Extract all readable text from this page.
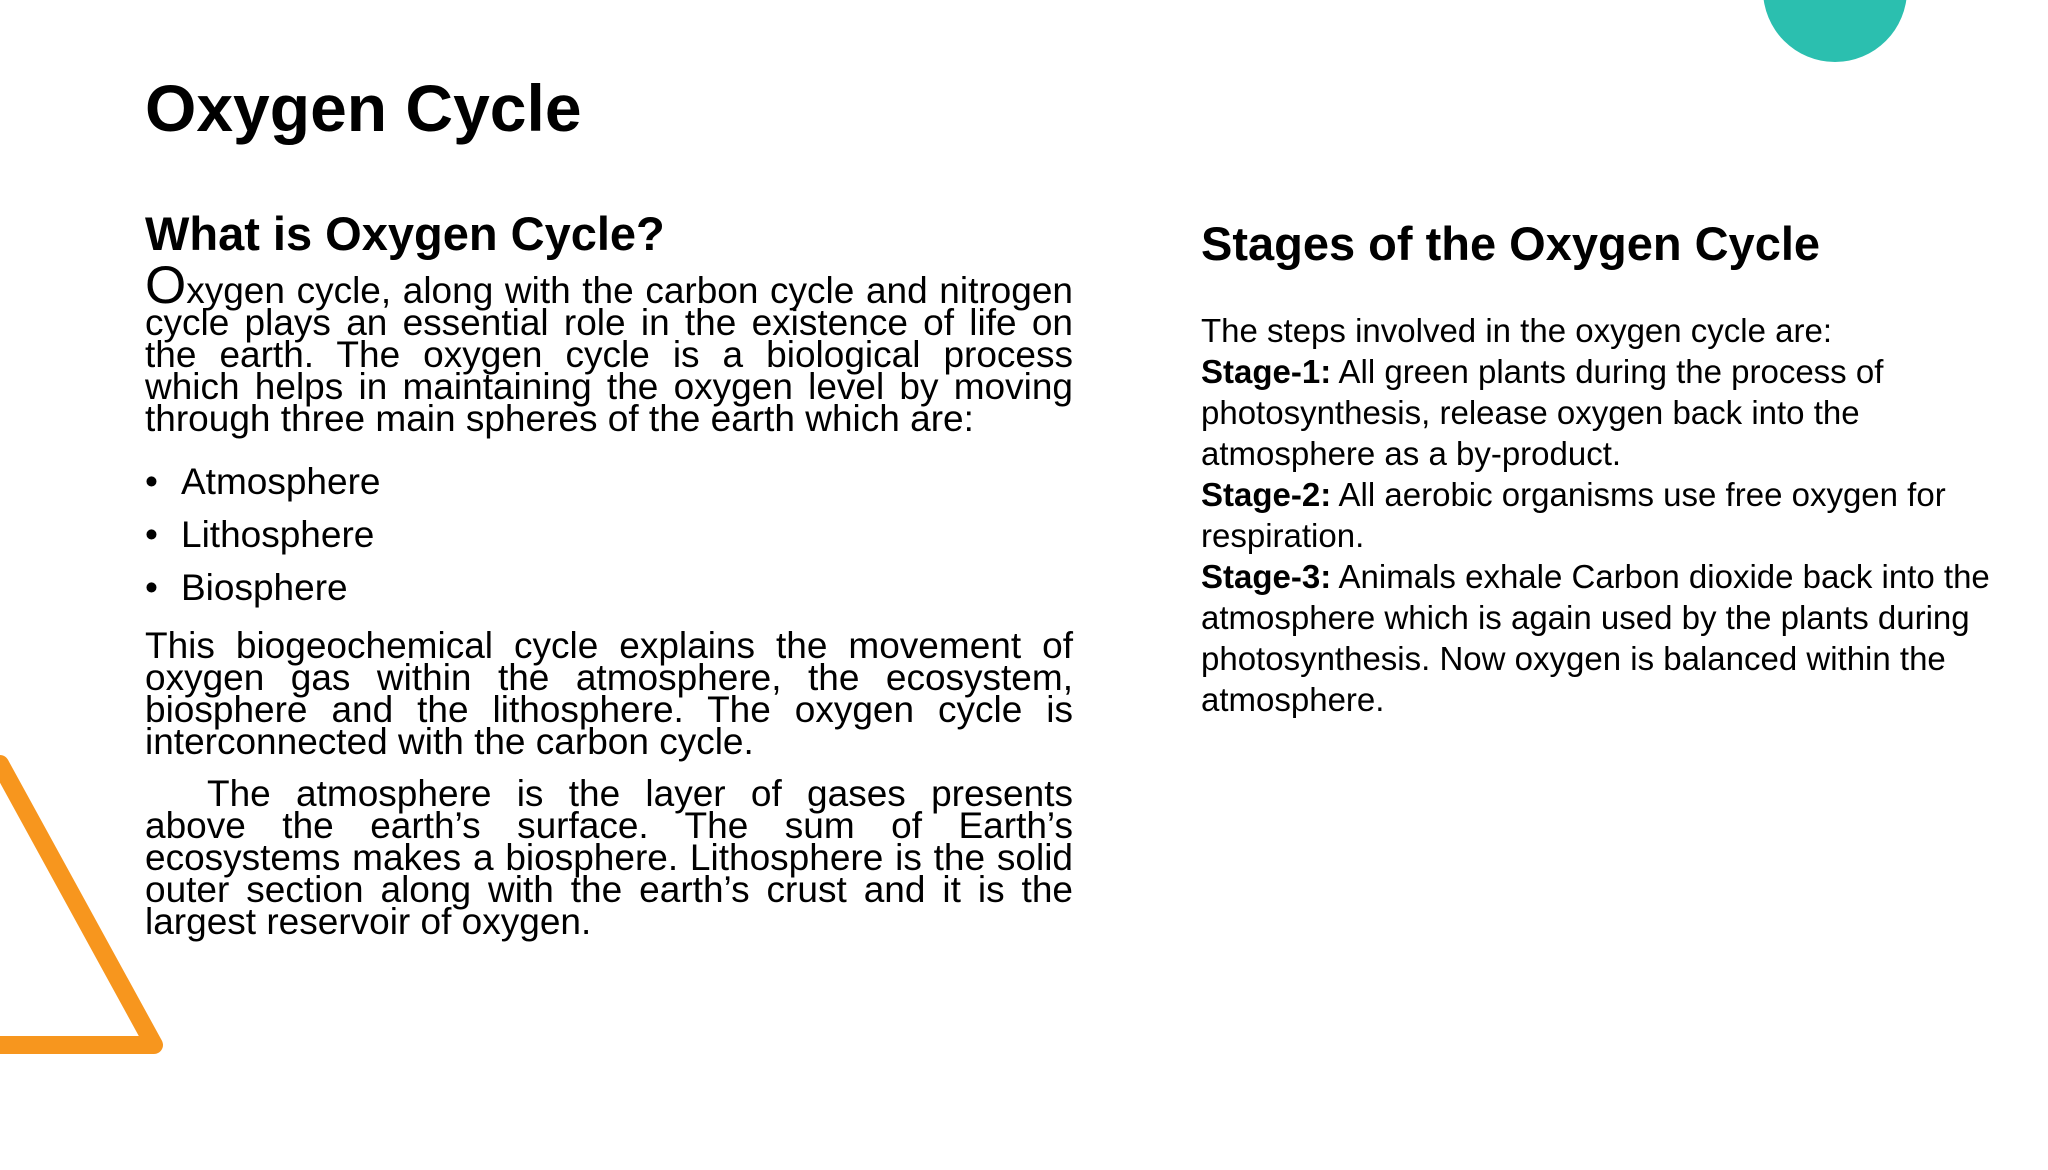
Oxygen Cycle
What is Oxygen Cycle?

Oxygen cycle, along with the carbon cycle and nitrogen cycle plays an essential role in the existence of life on the earth. The oxygen cycle is a biological process which helps in maintaining the oxygen level by moving through three main spheres of the earth which are:

• Atmosphere
• Lithosphere
• Biosphere

This biogeochemical cycle explains the movement of oxygen gas within the atmosphere, the ecosystem, biosphere and the lithosphere. The oxygen cycle is interconnected with the carbon cycle.

The atmosphere is the layer of gases presents above the earth’s surface. The sum of Earth’s ecosystems makes a biosphere. Lithosphere is the solid outer section along with the earth’s crust and it is the largest reservoir of oxygen.

Stages of the Oxygen Cycle

The steps involved in the oxygen cycle are:

Stage-1: All green plants during the process of photosynthesis, release oxygen back into the atmosphere as a by-product.

Stage-2: All aerobic organisms use free oxygen for respiration.

Stage-3: Animals exhale Carbon dioxide back into the atmosphere which is again used by the plants during photosynthesis. Now oxygen is balanced within the atmosphere.
